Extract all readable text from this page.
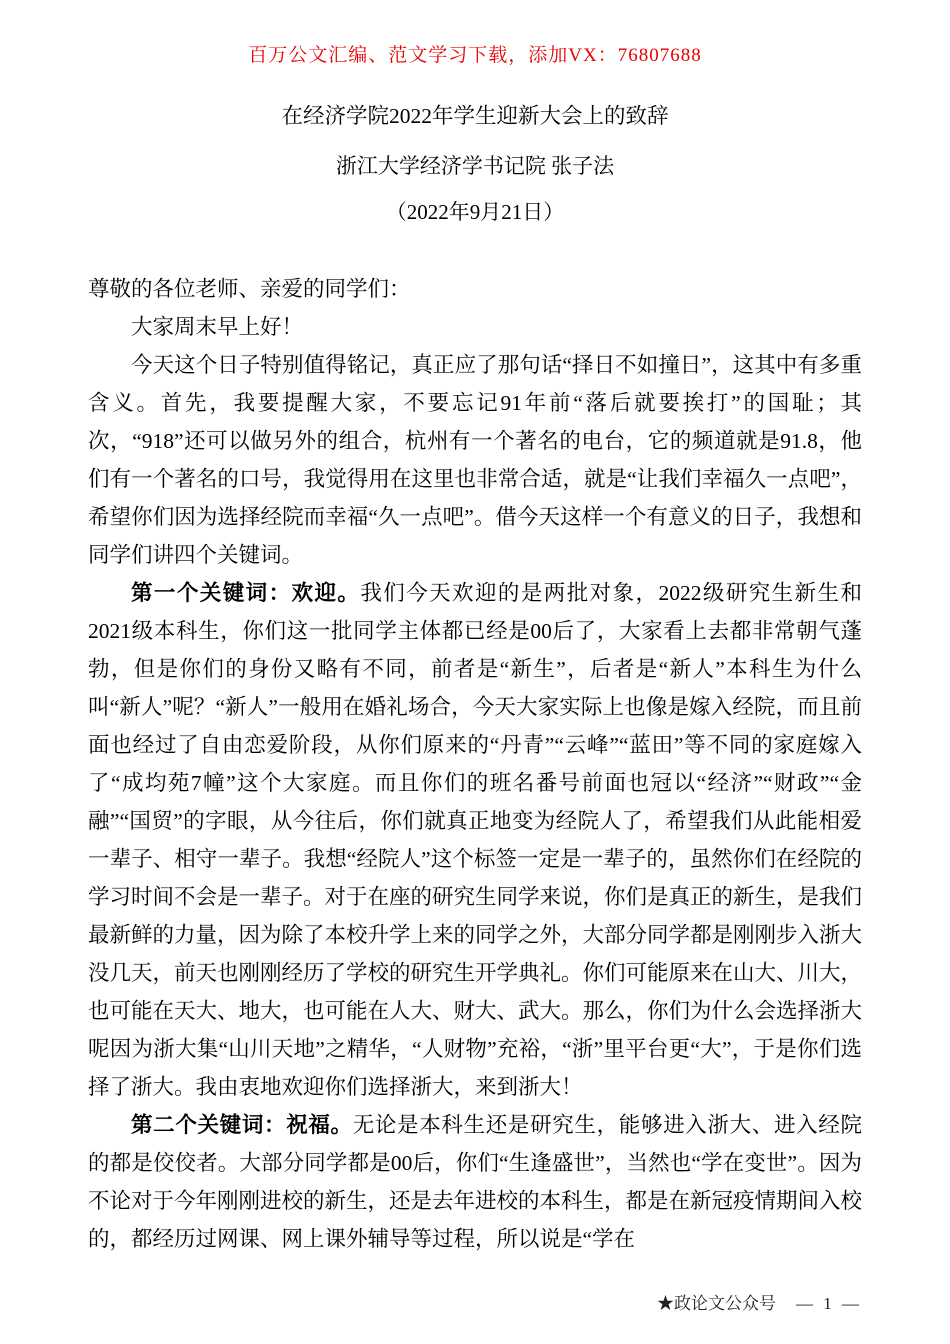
百万公文汇编、范文学习下载，添加VX：76807688
在经济学院2022年学生迎新大会上的致辞
浙江大学经济学书记院 张子法
（2022年9月21日）

尊敬的各位老师、亲爱的同学们：

大家周末早上好！

今天这个日子特别值得铭记，真正应了那句话“择日不如撞日”，这其中有多重含义。首先，我要提醒大家，不要忘记91年前“落后就要挨打”的国耻；其次，“918”还可以做另外的组合，杭州有一个著名的电台，它的频道就是91.8，他们有一个著名的口号，我觉得用在这里也非常合适，就是“让我们幸福久一点吧”，希望你们因为选择经院而幸福“久一点吧”。借今天这样一个有意义的日子，我想和同学们讲四个关键词。

第一个关键词：欢迎。我们今天欢迎的是两批对象，2022级研究生新生和2021级本科生，你们这一批同学主体都已经是00后了，大家看上去都非常朝气蓬勃，但是你们的身份又略有不同，前者是“新生”，后者是“新人”本科生为什么叫“新人”呢？“新人”一般用在婚礼场合，今天大家实际上也像是嫁入经院，而且前面也经过了自由恋爱阶段，从你们原来的“丹青”“云峰”“蓝田”等不同的家庭嫁入了“成均苑7幢”这个大家庭。而且你们的班名番号前面也冠以“经济”“财政”“金融”“国贸”的字眼，从今往后，你们就真正地变为经院人了，希望我们从此能相爱一辈子、相守一辈子。我想“经院人”这个标签一定是一辈子的，虽然你们在经院的学习时间不会是一辈子。对于在座的研究生同学来说，你们是真正的新生，是我们最新鲜的力量，因为除了本校升学上来的同学之外，大部分同学都是刚刚步入浙大没几天，前天也刚刚经历了学校的研究生开学典礼。你们可能原来在山大、川大，也可能在天大、地大，也可能在人大、财大、武大。那么，你们为什么会选择浙大呢因为浙大集“山川天地”之精华，“人财物”充裕，“浙”里平台更“大”，于是你们选择了浙大。我由衷地欢迎你们选择浙大，来到浙大！

第二个关键词：祝福。无论是本科生还是研究生，能够进入浙大、进入经院的都是佼佼者。大部分同学都是00后，你们“生逢盛世”，当然也“学在变世”。因为不论对于今年刚刚进校的新生，还是去年进校的本科生，都是在新冠疫情期间入校的，都经历过网课、网上课外辅导等过程，所以说是“学在

★政论文公众号 — 1 —
